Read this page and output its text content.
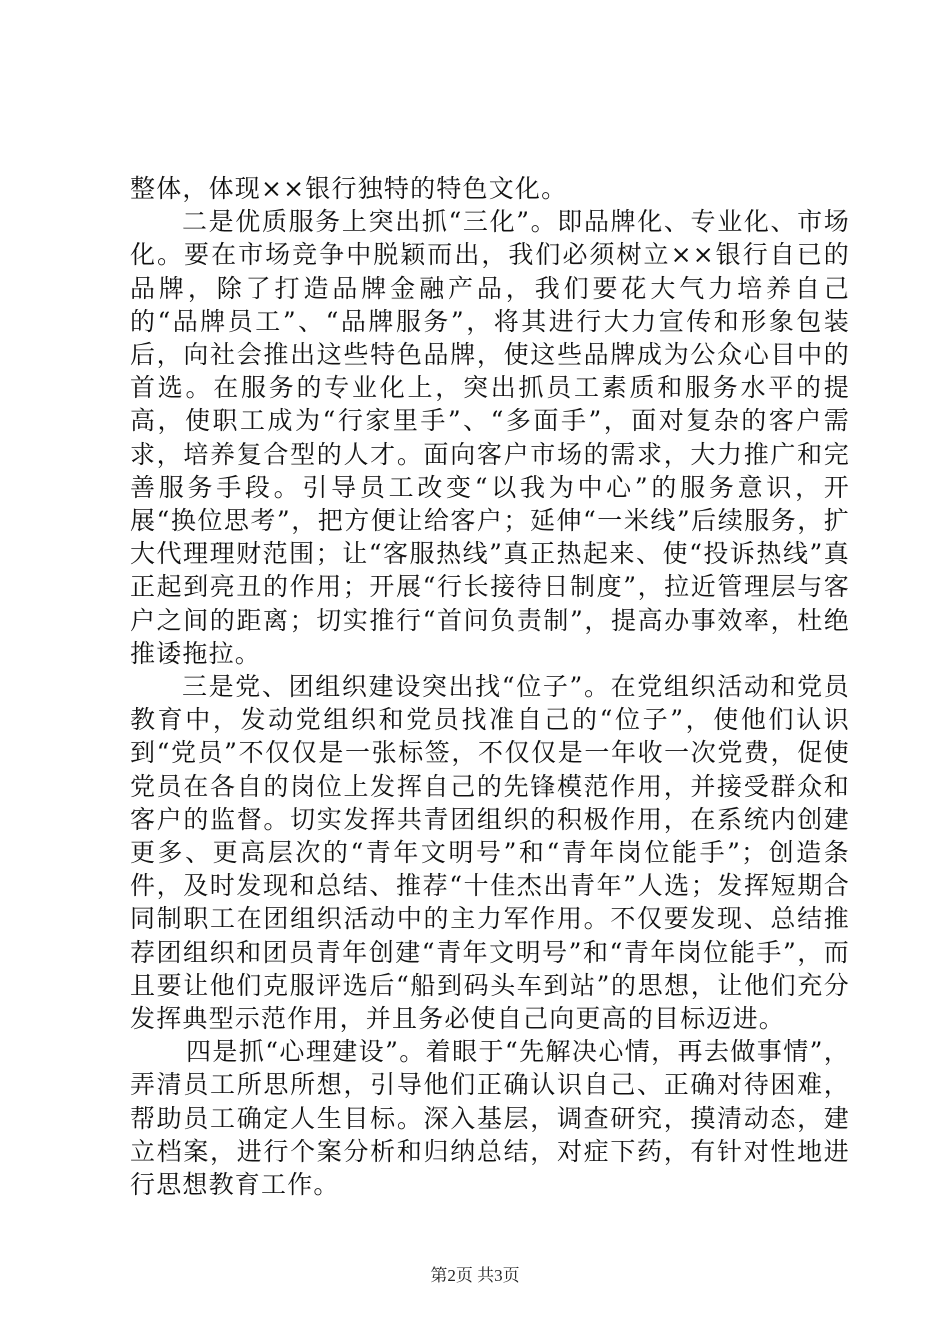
整体，体现××银行独特的特色文化。

二是优质服务上突出抓“三化”。即品牌化、专业化、市场化。要在市场竞争中脱颖而出，我们必须树立××银行自已的品牌，除了打造品牌金融产品，我们要花大气力培养自己的“品牌员工”、“品牌服务”，将其进行大力宣传和形象包装后，向社会推出这些特色品牌，使这些品牌成为公众心目中的首选。在服务的专业化上，突出抓员工素质和服务水平的提高，使职工成为“行家里手”、“多面手”，面对复杂的客户需求，培养复合型的人才。面向客户市场的需求，大力推广和完善服务手段。引导员工改变“以我为中心”的服务意识，开展“换位思考”，把方便让给客户；延伸“一米线”后续服务，扩大代理理财范围；让“客服热线”真正热起来、使“投诉热线”真正起到亮丑的作用；开展“行长接待日制度”，拉近管理层与客户之间的距离；切实推行“首问负责制”，提高办事效率，杜绝推诿拖拉。

三是党、团组织建设突出找“位子”。在党组织活动和党员教育中，发动党组织和党员找准自己的“位子”，使他们认识到“党员”不仅仅是一张标签，不仅仅是一年收一次党费，促使党员在各自的岗位上发挥自己的先锋模范作用，并接受群众和客户的监督。切实发挥共青团组织的积极作用，在系统内创建更多、更高层次的“青年文明号”和“青年岗位能手”；创造条件，及时发现和总结、推荐“十佳杰出青年”人选；发挥短期合同制职工在团组织活动中的主力军作用。不仅要发现、总结推荐团组织和团员青年创建“青年文明号”和“青年岗位能手”，而且要让他们克服评选后“船到码头车到站”的思想，让他们充分发挥典型示范作用，并且务必使自己向更高的目标迈进。

四是抓“心理建设”。着眼于“先解决心情，再去做事情”，弄清员工所思所想，引导他们正确认识自己、正确对待困难，帮助员工确定人生目标。深入基层，调查研究，摸清动态，建立档案，进行个案分析和归纳总结，对症下药，有针对性地进行思想教育工作。

第2页 共3页
